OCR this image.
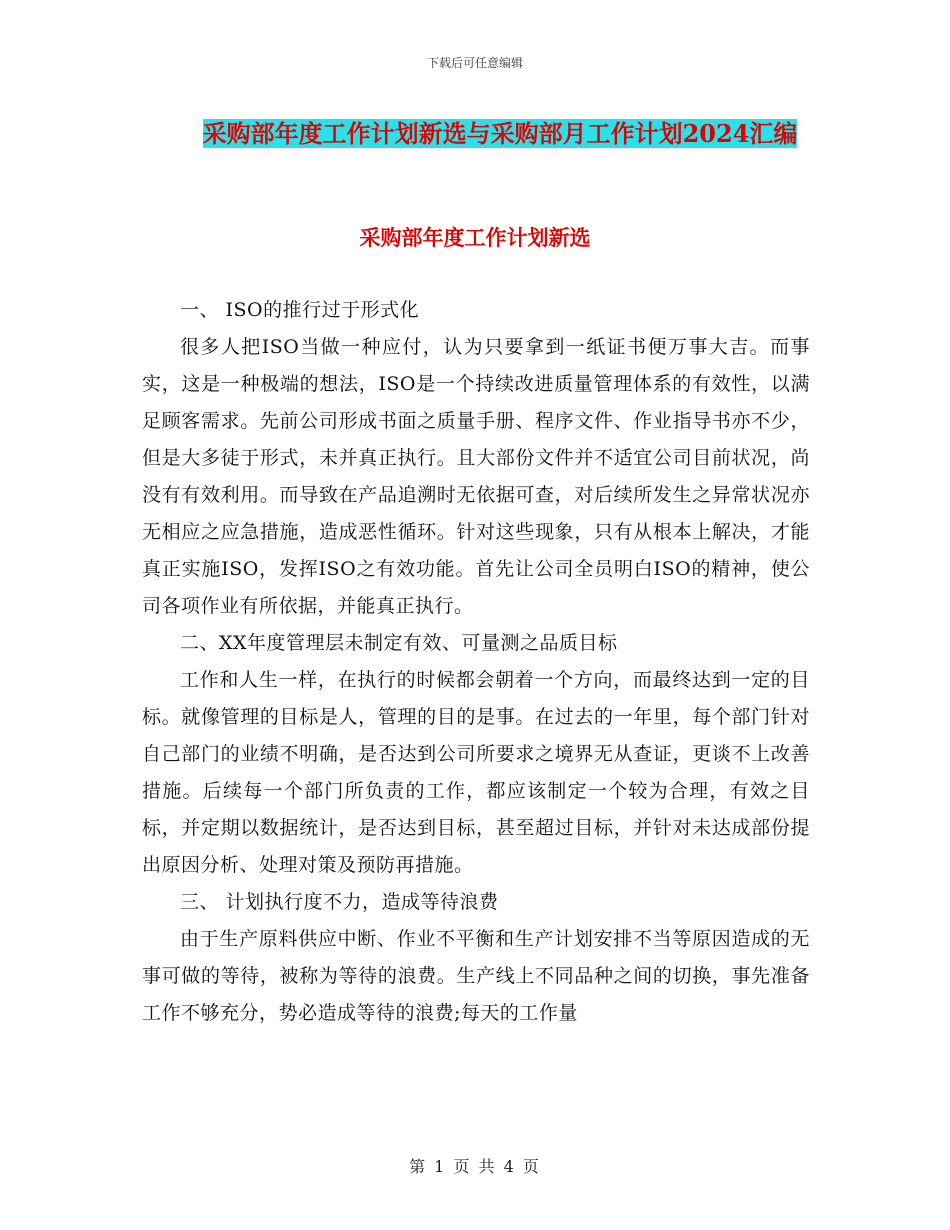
下载后可任意编辑
采购部年度工作计划新选与采购部月工作计划2024汇编
采购部年度工作计划新选

一、 ISO的推行过于形式化

很多人把ISO当做一种应付，认为只要拿到一纸证书便万事大吉。而事实，这是一种极端的想法，ISO是一个持续改进质量管理体系的有效性，以满足顾客需求。先前公司形成书面之质量手册、程序文件、作业指导书亦不少，但是大多徒于形式，未并真正执行。且大部份文件并不适宜公司目前状况，尚没有有效利用。而导致在产品追溯时无依据可查，对后续所发生之异常状况亦无相应之应急措施，造成恶性循环。针对这些现象，只有从根本上解决，才能真正实施ISO，发挥ISO之有效功能。首先让公司全员明白ISO的精神，使公司各项作业有所依据，并能真正执行。

二、XX年度管理层未制定有效、可量测之品质目标

工作和人生一样，在执行的时候都会朝着一个方向，而最终达到一定的目标。就像管理的目标是人，管理的目的是事。在过去的一年里，每个部门针对自己部门的业绩不明确，是否达到公司所要求之境界无从查证，更谈不上改善措施。后续每一个部门所负责的工作，都应该制定一个较为合理，有效之目标，并定期以数据统计，是否达到目标，甚至超过目标，并针对未达成部份提出原因分析、处理对策及预防再措施。

三、 计划执行度不力，造成等待浪费

由于生产原料供应中断、作业不平衡和生产计划安排不当等原因造成的无事可做的等待，被称为等待的浪费。生产线上不同品种之间的切换，事先准备工作不够充分，势必造成等待的浪费;每天的工作量

第 1 页 共 4 页
